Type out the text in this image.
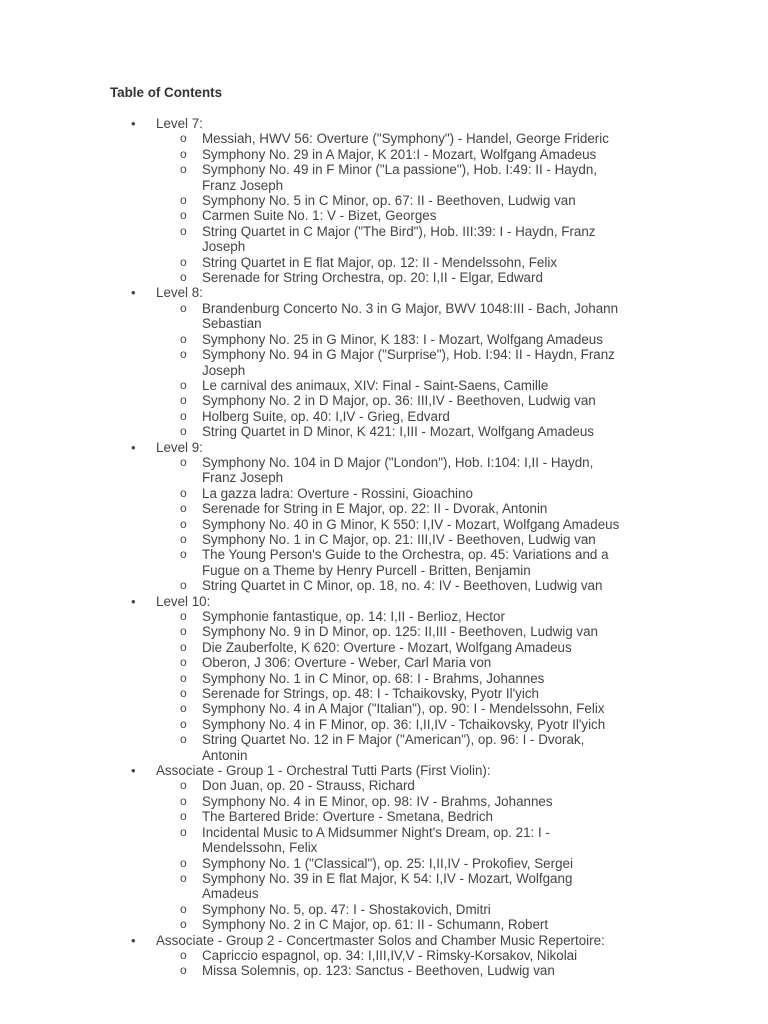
Table of Contents
• Level 7:
o Messiah, HWV 56: Overture ("Symphony") - Handel, George Frideric
o Symphony No. 29 in A Major, K 201:I - Mozart, Wolfgang Amadeus
o Symphony No. 49 in F Minor ("La passione"), Hob. I:49: II - Haydn, Franz Joseph
o Symphony No. 5 in C Minor, op. 67: II - Beethoven, Ludwig van
o Carmen Suite No. 1: V - Bizet, Georges
o String Quartet in C Major ("The Bird"), Hob. III:39: I - Haydn, Franz Joseph
o String Quartet in E flat Major, op. 12: II - Mendelssohn, Felix
o Serenade for String Orchestra, op. 20: I,II - Elgar, Edward
• Level 8:
o Brandenburg Concerto No. 3 in G Major, BWV 1048:III - Bach, Johann Sebastian
o Symphony No. 25 in G Minor, K 183: I - Mozart, Wolfgang Amadeus
o Symphony No. 94 in G Major ("Surprise"), Hob. I:94: II - Haydn, Franz Joseph
o Le carnival des animaux, XIV: Final - Saint-Saens, Camille
o Symphony No. 2 in D Major, op. 36: III,IV - Beethoven, Ludwig van
o Holberg Suite, op. 40: I,IV - Grieg, Edvard
o String Quartet in D Minor, K 421: I,III - Mozart, Wolfgang Amadeus
• Level 9:
o Symphony No. 104 in D Major ("London"), Hob. I:104: I,II - Haydn, Franz Joseph
o La gazza ladra: Overture - Rossini, Gioachino
o Serenade for String in E Major, op. 22: II - Dvorak, Antonin
o Symphony No. 40 in G Minor, K 550: I,IV - Mozart, Wolfgang Amadeus
o Symphony No. 1 in C Major, op. 21: III,IV - Beethoven, Ludwig van
o The Young Person's Guide to the Orchestra, op. 45: Variations and a Fugue on a Theme by Henry Purcell - Britten, Benjamin
o String Quartet in C Minor, op. 18, no. 4: IV - Beethoven, Ludwig van
• Level 10:
o Symphonie fantastique, op. 14: I,II - Berlioz, Hector
o Symphony No. 9 in D Minor, op. 125: II,III - Beethoven, Ludwig van
o Die Zauberfolte, K 620: Overture - Mozart, Wolfgang Amadeus
o Oberon, J 306: Overture - Weber, Carl Maria von
o Symphony No. 1 in C Minor, op. 68: I - Brahms, Johannes
o Serenade for Strings, op. 48: I - Tchaikovsky, Pyotr Il'yich
o Symphony No. 4 in A Major ("Italian"), op. 90: I - Mendelssohn, Felix
o Symphony No. 4 in F Minor, op. 36: I,II,IV - Tchaikovsky, Pyotr Il'yich
o String Quartet No. 12 in F Major ("American"), op. 96: I - Dvorak, Antonin
• Associate - Group 1 - Orchestral Tutti Parts (First Violin):
o Don Juan, op. 20 - Strauss, Richard
o Symphony No. 4 in E Minor, op. 98: IV - Brahms, Johannes
o The Bartered Bride: Overture - Smetana, Bedrich
o Incidental Music to A Midsummer Night's Dream, op. 21: I - Mendelssohn, Felix
o Symphony No. 1 ("Classical"), op. 25: I,II,IV - Prokofiev, Sergei
o Symphony No. 39 in E flat Major, K 54: I,IV - Mozart, Wolfgang Amadeus
o Symphony No. 5, op. 47: I - Shostakovich, Dmitri
o Symphony No. 2 in C Major, op. 61: II - Schumann, Robert
• Associate - Group 2 - Concertmaster Solos and Chamber Music Repertoire:
o Capriccio espagnol, op. 34: I,III,IV,V - Rimsky-Korsakov, Nikolai
o Missa Solemnis, op. 123: Sanctus - Beethoven, Ludwig van
